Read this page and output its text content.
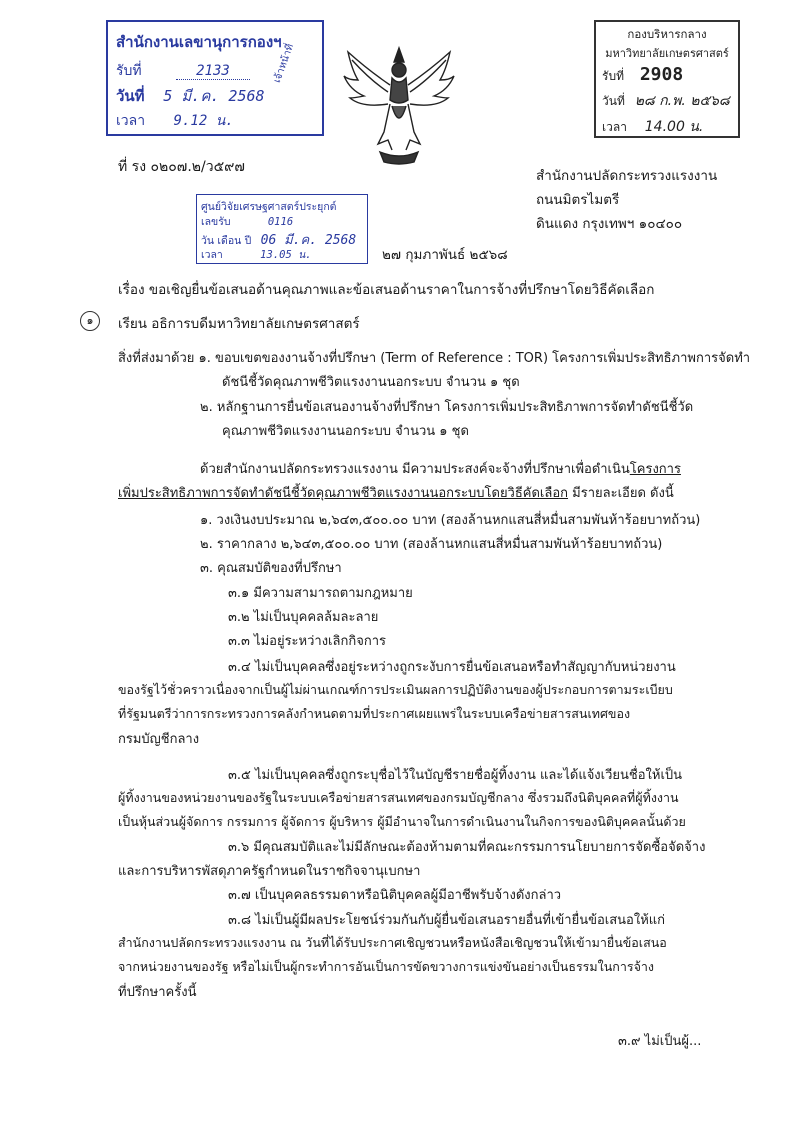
สำนักงานเลขานุการกองฯ
รับที่	2133
วันที่ 5 มี.ค. 2568
เวลา 9.12 น.
เจ้าหน้าที่
กองบริหารกลาง
มหาวิทยาลัยเกษตรศาสตร์
รับที่ 2908
วันที่ ๒๘ ก.พ. ๒๕๖๘
เวลา 14.00 น.
ที่ รง ๐๒๐๗.๒/ว๕๙๗
สำนักงานปลัดกระทรวงแรงงาน
ถนนมิตรไมตรี
ดินแดง กรุงเทพฯ ๑๐๔๐๐
ศูนย์วิจัยเศรษฐศาสตร์ประยุกต์
เลขรับ	0116
วัน เดือน ปี 06 มี.ค. 2568
เวลา	13.05 น.	๒๗ กุมภาพันธ์ ๒๕๖๘
เรื่อง ขอเชิญยื่นข้อเสนอด้านคุณภาพและข้อเสนอด้านราคาในการจ้างที่ปรึกษาโดยวิธีคัดเลือก
๑	เรียน อธิการบดีมหาวิทยาลัยเกษตรศาสตร์
สิ่งที่ส่งมาด้วย ๑. ขอบเขตของงานจ้างที่ปรึกษา (Term of Reference : TOR) โครงการเพิ่มประสิทธิภาพการจัดทำ
ดัชนีชี้วัดคุณภาพชีวิตแรงงานนอกระบบ จำนวน ๑ ชุด
๒. หลักฐานการยื่นข้อเสนองานจ้างที่ปรึกษา โครงการเพิ่มประสิทธิภาพการจัดทำดัชนีชี้วัด
คุณภาพชีวิตแรงงานนอกระบบ จำนวน ๑ ชุด
ด้วยสำนักงานปลัดกระทรวงแรงงาน มีความประสงค์จะจ้างที่ปรึกษาเพื่อดำเนินโครงการ
เพิ่มประสิทธิภาพการจัดทำดัชนีชี้วัดคุณภาพชีวิตแรงงานนอกระบบโดยวิธีคัดเลือก มีรายละเอียด ดังนี้
๑. วงเงินงบประมาณ ๒,๖๔๓,๕๐๐.๐๐ บาท (สองล้านหกแสนสี่หมื่นสามพันห้าร้อยบาทถ้วน)
๒. ราคากลาง ๒,๖๔๓,๕๐๐.๐๐ บาท (สองล้านหกแสนสี่หมื่นสามพันห้าร้อยบาทถ้วน)
๓. คุณสมบัติของที่ปรึกษา
๓.๑ มีความสามารถตามกฎหมาย
๓.๒ ไม่เป็นบุคคลล้มละลาย
๓.๓ ไม่อยู่ระหว่างเลิกกิจการ
๓.๔ ไม่เป็นบุคคลซึ่งอยู่ระหว่างถูกระงับการยื่นข้อเสนอหรือทำสัญญากับหน่วยงาน
ของรัฐไว้ชั่วคราวเนื่องจากเป็นผู้ไม่ผ่านเกณฑ์การประเมินผลการปฏิบัติงานของผู้ประกอบการตามระเบียบ
ที่รัฐมนตรีว่าการกระทรวงการคลังกำหนดตามที่ประกาศเผยแพร่ในระบบเครือข่ายสารสนเทศของ
กรมบัญชีกลาง
๓.๕ ไม่เป็นบุคคลซึ่งถูกระบุชื่อไว้ในบัญชีรายชื่อผู้ทิ้งงาน และได้แจ้งเวียนชื่อให้เป็น
ผู้ทิ้งงานของหน่วยงานของรัฐในระบบเครือข่ายสารสนเทศของกรมบัญชีกลาง ซึ่งรวมถึงนิติบุคคลที่ผู้ทิ้งงาน
เป็นหุ้นส่วนผู้จัดการ กรรมการ ผู้จัดการ ผู้บริหาร ผู้มีอำนาจในการดำเนินงานในกิจการของนิติบุคคลนั้นด้วย
๓.๖ มีคุณสมบัติและไม่มีลักษณะต้องห้ามตามที่คณะกรรมการนโยบายการจัดซื้อจัดจ้าง
และการบริหารพัสดุภาครัฐกำหนดในราชกิจจานุเบกษา
๓.๗ เป็นบุคคลธรรมดาหรือนิติบุคคลผู้มีอาชีพรับจ้างดังกล่าว
๓.๘ ไม่เป็นผู้มีผลประโยชน์ร่วมกันกับผู้ยื่นข้อเสนอรายอื่นที่เข้ายื่นข้อเสนอให้แก่
สำนักงานปลัดกระทรวงแรงงาน ณ วันที่ได้รับประกาศเชิญชวนหรือหนังสือเชิญชวนให้เข้ามายื่นข้อเสนอ
จากหน่วยงานของรัฐ หรือไม่เป็นผู้กระทำการอันเป็นการขัดขวางการแข่งขันอย่างเป็นธรรมในการจ้าง
ที่ปรึกษาครั้งนี้
๓.๙ ไม่เป็นผู้...
